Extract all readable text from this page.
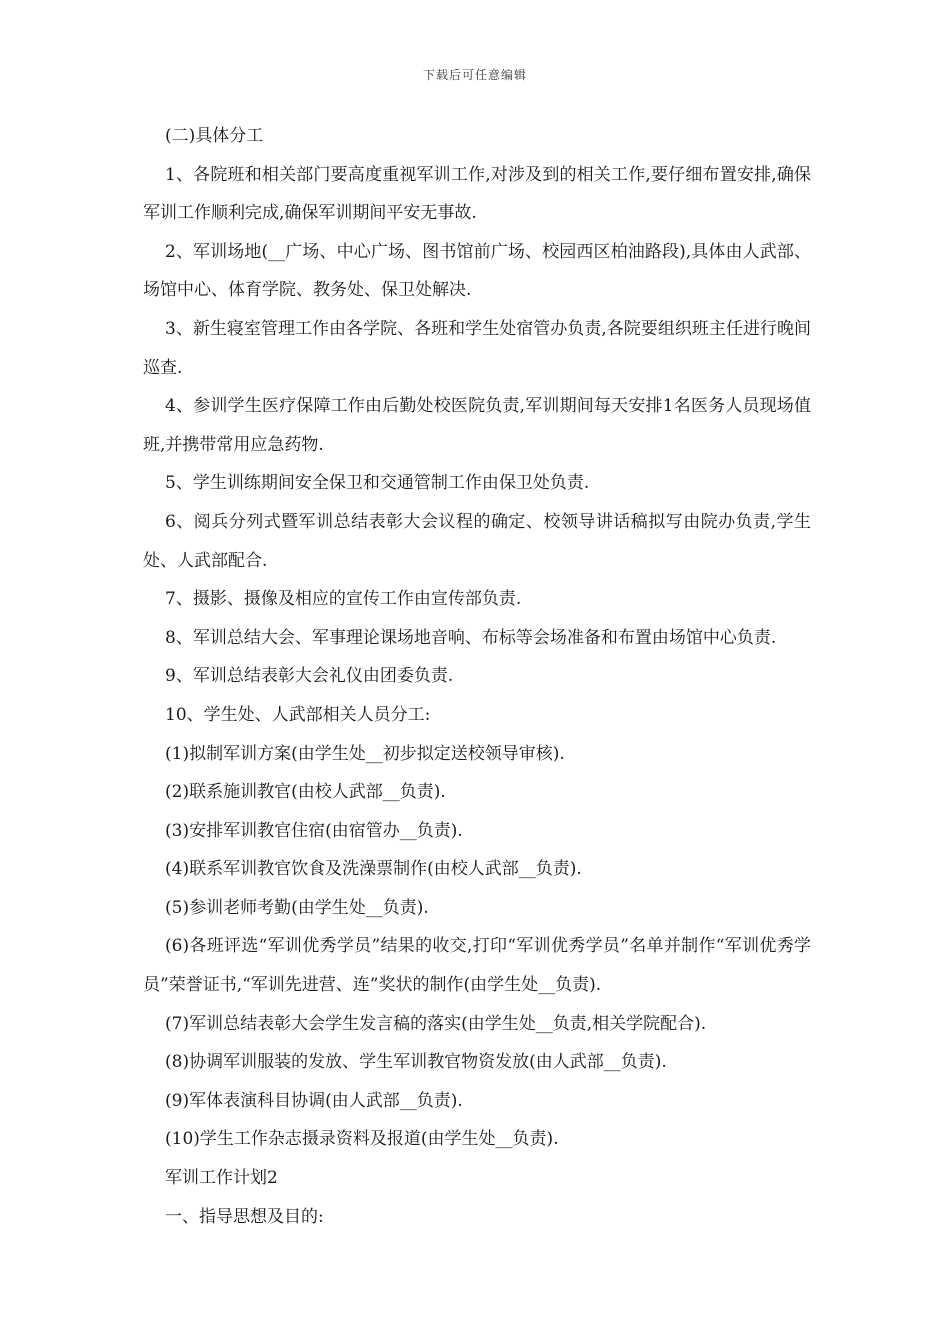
下载后可任意编辑

(二)具体分工

1、各院班和相关部门要高度重视军训工作,对涉及到的相关工作,要仔细布置安排,确保军训工作顺利完成,确保军训期间平安无事故.

2、军训场地(__广场、中心广场、图书馆前广场、校园西区柏油路段),具体由人武部、场馆中心、体育学院、教务处、保卫处解决.

3、新生寝室管理工作由各学院、各班和学生处宿管办负责,各院要组织班主任进行晚间巡查.

4、参训学生医疗保障工作由后勤处校医院负责,军训期间每天安排1名医务人员现场值班,并携带常用应急药物.

5、学生训练期间安全保卫和交通管制工作由保卫处负责.

6、阅兵分列式暨军训总结表彰大会议程的确定、校领导讲话稿拟写由院办负责,学生处、人武部配合.

7、摄影、摄像及相应的宣传工作由宣传部负责.

8、军训总结大会、军事理论课场地音响、布标等会场准备和布置由场馆中心负责.

9、军训总结表彰大会礼仪由团委负责.

10、学生处、人武部相关人员分工:

(1)拟制军训方案(由学生处__初步拟定送校领导审核).

(2)联系施训教官(由校人武部__负责).

(3)安排军训教官住宿(由宿管办__负责).

(4)联系军训教官饮食及洗澡票制作(由校人武部__负责).

(5)参训老师考勤(由学生处__负责).

(6)各班评选“军训优秀学员”结果的收交,打印“军训优秀学员”名单并制作“军训优秀学员”荣誉证书,“军训先进营、连”奖状的制作(由学生处__负责).

(7)军训总结表彰大会学生发言稿的落实(由学生处__负责,相关学院配合).

(8)协调军训服装的发放、学生军训教官物资发放(由人武部__负责).

(9)军体表演科目协调(由人武部__负责).

(10)学生工作杂志摄录资料及报道(由学生处__负责).

军训工作计划2

一、指导思想及目的:
